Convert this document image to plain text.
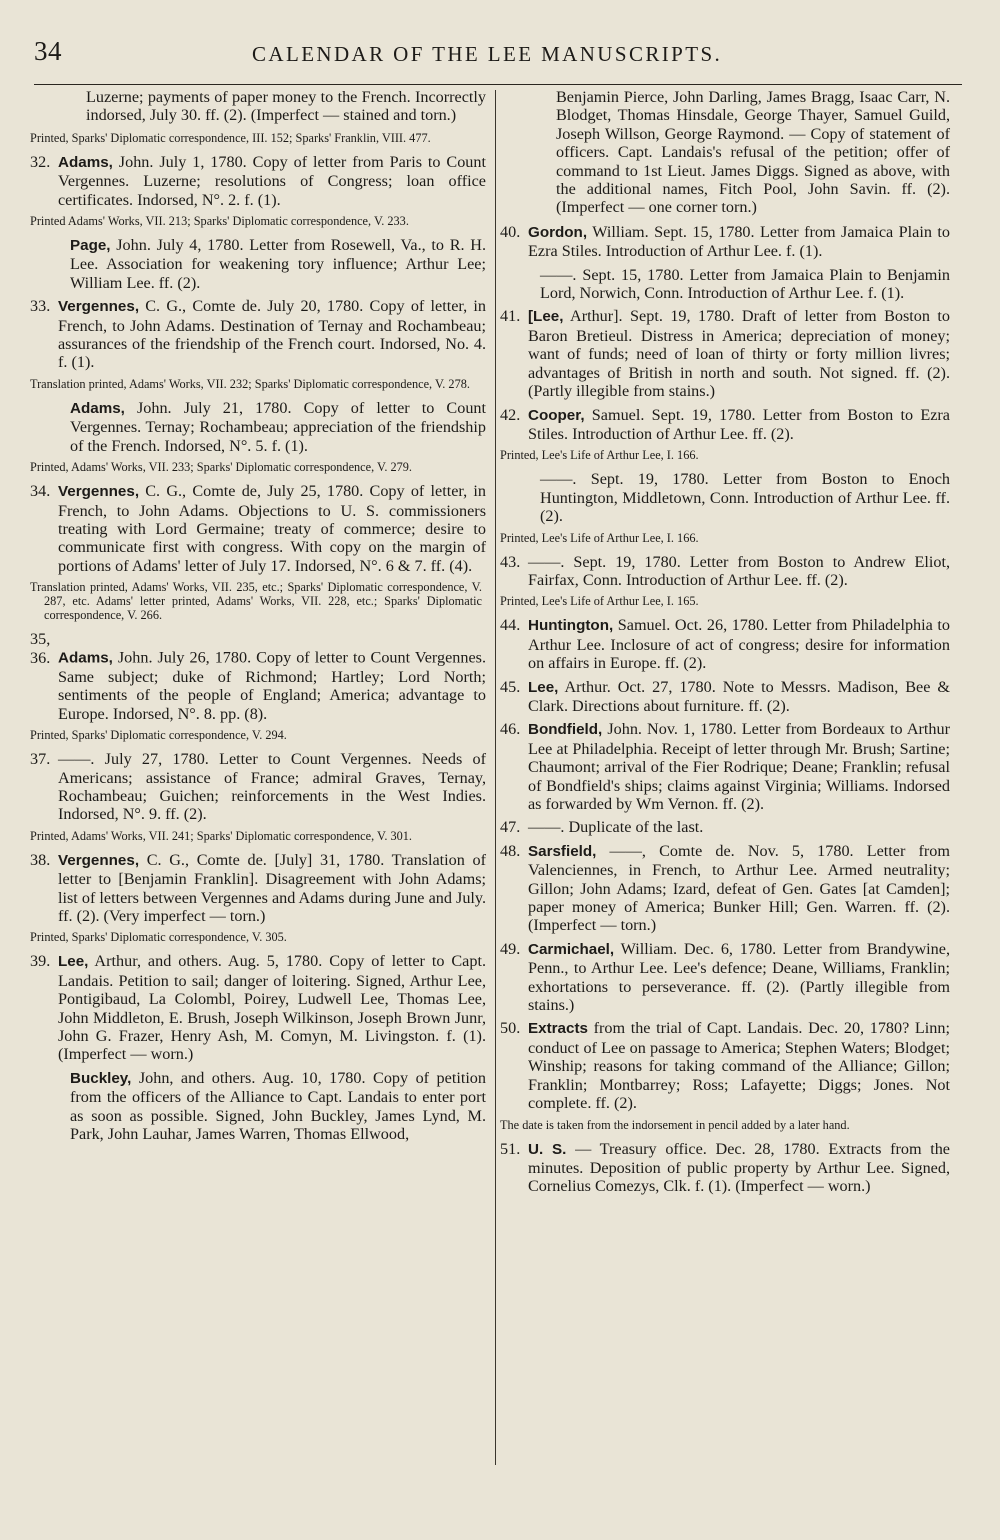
34	CALENDAR OF THE LEE MANUSCRIPTS.

Luzerne; payments of paper money to the French. Incorrectly indorsed, July 30. ff. (2). (Imperfect — stained and torn.)

Printed, Sparks' Diplomatic correspondence, III. 152; Sparks' Franklin, VIII. 477.

32.Adams, John. July 1, 1780. Copy of letter from Paris to Count Vergennes. Luzerne; resolutions of Congress; loan office certificates. Indorsed, N°. 2. f. (1).

Printed Adams' Works, VII. 213; Sparks' Diplomatic correspondence, V. 233.

Page, John. July 4, 1780. Letter from Rosewell, Va., to R. H. Lee. Association for weakening tory influence; Arthur Lee; William Lee. ff. (2).

33.Vergennes, C. G., Comte de. July 20, 1780. Copy of letter, in French, to John Adams. Destination of Ternay and Rochambeau; assurances of the friendship of the French court. Indorsed, No. 4. f. (1).

Translation printed, Adams' Works, VII. 232; Sparks' Diplomatic correspondence, V. 278.

Adams, John. July 21, 1780. Copy of letter to Count Vergennes. Ternay; Rochambeau; appreciation of the friendship of the French. Indorsed, N°. 5. f. (1).

Printed, Adams' Works, VII. 233; Sparks' Diplomatic correspondence, V. 279.

34.Vergennes, C. G., Comte de, July 25, 1780. Copy of letter, in French, to John Adams. Objections to U. S. commissioners treating with Lord Germaine; treaty of commerce; desire to communicate first with congress. With copy on the margin of portions of Adams' letter of July 17. Indorsed, N°. 6 & 7. ff. (4).

Translation printed, Adams' Works, VII. 235, etc.; Sparks' Diplomatic correspondence, V. 287, etc. Adams' letter printed, Adams' Works, VII. 228, etc.; Sparks' Diplomatic correspondence, V. 266.

35, 36.Adams, John. July 26, 1780. Copy of letter to Count Vergennes. Same subject; duke of Richmond; Hartley; Lord North; sentiments of the people of England; America; advantage to Europe. Indorsed, N°. 8. pp. (8).

Printed, Sparks' Diplomatic correspondence, V. 294.

37.——. July 27, 1780. Letter to Count Vergennes. Needs of Americans; assistance of France; admiral Graves, Ternay, Rochambeau; Guichen; reinforcements in the West Indies. Indorsed, N°. 9. ff. (2).

Printed, Adams' Works, VII. 241; Sparks' Diplomatic correspondence, V. 301.

38.Vergennes, C. G., Comte de. [July] 31, 1780. Translation of letter to [Benjamin Franklin]. Disagreement with John Adams; list of letters between Vergennes and Adams during June and July. ff. (2). (Very imperfect — torn.)

Printed, Sparks' Diplomatic correspondence, V. 305.

39.Lee, Arthur, and others. Aug. 5, 1780. Copy of letter to Capt. Landais. Petition to sail; danger of loitering. Signed, Arthur Lee, Pontigibaud, La Colombl, Poirey, Ludwell Lee, Thomas Lee, John Middleton, E. Brush, Joseph Wilkinson, Joseph Brown Junr, John G. Frazer, Henry Ash, M. Comyn, M. Livingston. f. (1). (Imperfect — worn.)

Buckley, John, and others. Aug. 10, 1780. Copy of petition from the officers of the Alliance to Capt. Landais to enter port as soon as possible. Signed, John Buckley, James Lynd, M. Park, John Lauhar, James Warren, Thomas Ellwood,

Benjamin Pierce, John Darling, James Bragg, Isaac Carr, N. Blodget, Thomas Hinsdale, George Thayer, Samuel Guild, Joseph Willson, George Raymond. — Copy of statement of officers. Capt. Landais's refusal of the petition; offer of command to 1st Lieut. James Diggs. Signed as above, with the additional names, Fitch Pool, John Savin. ff. (2). (Imperfect — one corner torn.)

40.Gordon, William. Sept. 15, 1780. Letter from Jamaica Plain to Ezra Stiles. Introduction of Arthur Lee. f. (1).

——. Sept. 15, 1780. Letter from Jamaica Plain to Benjamin Lord, Norwich, Conn. Introduction of Arthur Lee. f. (1).

41.[Lee, Arthur]. Sept. 19, 1780. Draft of letter from Boston to Baron Bretieul. Distress in America; depreciation of money; want of funds; need of loan of thirty or forty million livres; advantages of British in north and south. Not signed. ff. (2). (Partly illegible from stains.)

42.Cooper, Samuel. Sept. 19, 1780. Letter from Boston to Ezra Stiles. Introduction of Arthur Lee. ff. (2).

Printed, Lee's Life of Arthur Lee, I. 166.

——. Sept. 19, 1780. Letter from Boston to Enoch Huntington, Middletown, Conn. Introduction of Arthur Lee. ff. (2).

Printed, Lee's Life of Arthur Lee, I. 166.

43.——. Sept. 19, 1780. Letter from Boston to Andrew Eliot, Fairfax, Conn. Introduction of Arthur Lee. ff. (2).

Printed, Lee's Life of Arthur Lee, I. 165.

44.Huntington, Samuel. Oct. 26, 1780. Letter from Philadelphia to Arthur Lee. Inclosure of act of congress; desire for information on affairs in Europe. ff. (2).

45.Lee, Arthur. Oct. 27, 1780. Note to Messrs. Madison, Bee & Clark. Directions about furniture. ff. (2).

46.Bondfield, John. Nov. 1, 1780. Letter from Bordeaux to Arthur Lee at Philadelphia. Receipt of letter through Mr. Brush; Sartine; Chaumont; arrival of the Fier Rodrique; Deane; Franklin; refusal of Bondfield's ships; claims against Virginia; Williams. Indorsed as forwarded by Wm Vernon. ff. (2).

47.——. Duplicate of the last.

48.Sarsfield, ——, Comte de. Nov. 5, 1780. Letter from Valenciennes, in French, to Arthur Lee. Armed neutrality; Gillon; John Adams; Izard, defeat of Gen. Gates [at Camden]; paper money of America; Bunker Hill; Gen. Warren. ff. (2). (Imperfect — torn.)

49.Carmichael, William. Dec. 6, 1780. Letter from Brandywine, Penn., to Arthur Lee. Lee's defence; Deane, Williams, Franklin; exhortations to perseverance. ff. (2). (Partly illegible from stains.)

50.Extracts from the trial of Capt. Landais. Dec. 20, 1780? Linn; conduct of Lee on passage to America; Stephen Waters; Blodget; Winship; reasons for taking command of the Alliance; Gillon; Franklin; Montbarrey; Ross; Lafayette; Diggs; Jones. Not complete. ff. (2).

The date is taken from the indorsement in pencil added by a later hand.

51.U. S. — Treasury office. Dec. 28, 1780. Extracts from the minutes. Deposition of public property by Arthur Lee. Signed, Cornelius Comezys, Clk. f. (1). (Imperfect — worn.)
